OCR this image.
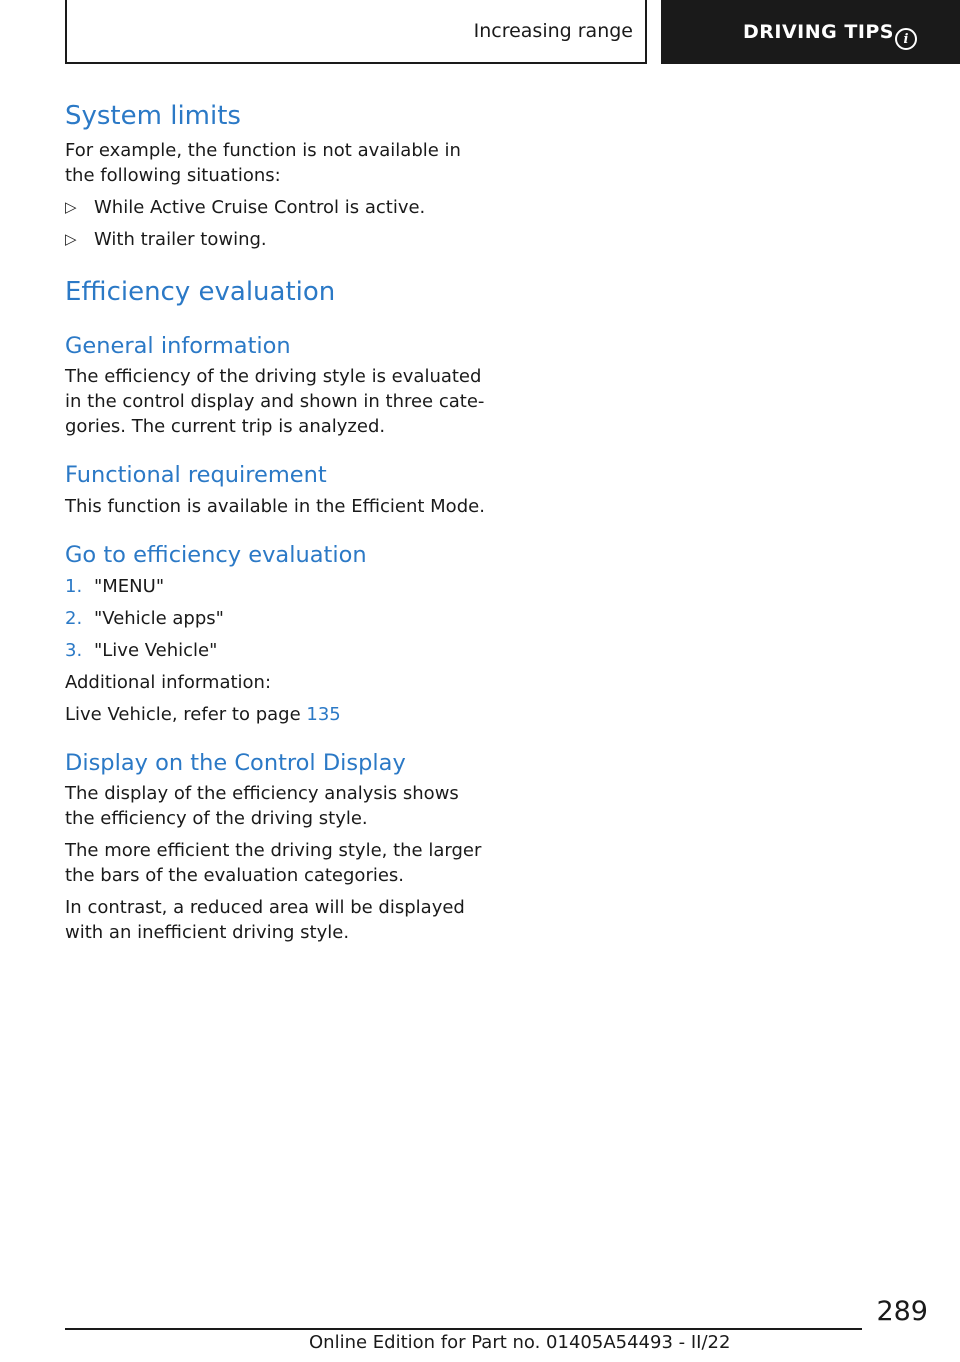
Increasing range	DRIVING TIPS i
System limits

For example, the function is not available in the following situations:

▷ While Active Cruise Control is active.
▷ With trailer towing.
Efficiency evaluation
General information

The efficiency of the driving style is evaluated in the control display and shown in three cate‐gories. The current trip is analyzed.

Functional requirement

This function is available in the Efficient Mode.

Go to efficiency evaluation
1. "MENU"
2. "Vehicle apps"
3. "Live Vehicle"

Additional information:

Live Vehicle, refer to page 135

Display on the Control Display

The display of the efficiency analysis shows the efficiency of the driving style.

The more efficient the driving style, the larger the bars of the evaluation categories.

In contrast, a reduced area will be displayed with an inefficient driving style.

289
Online Edition for Part no. 01405A54493 - II/22
